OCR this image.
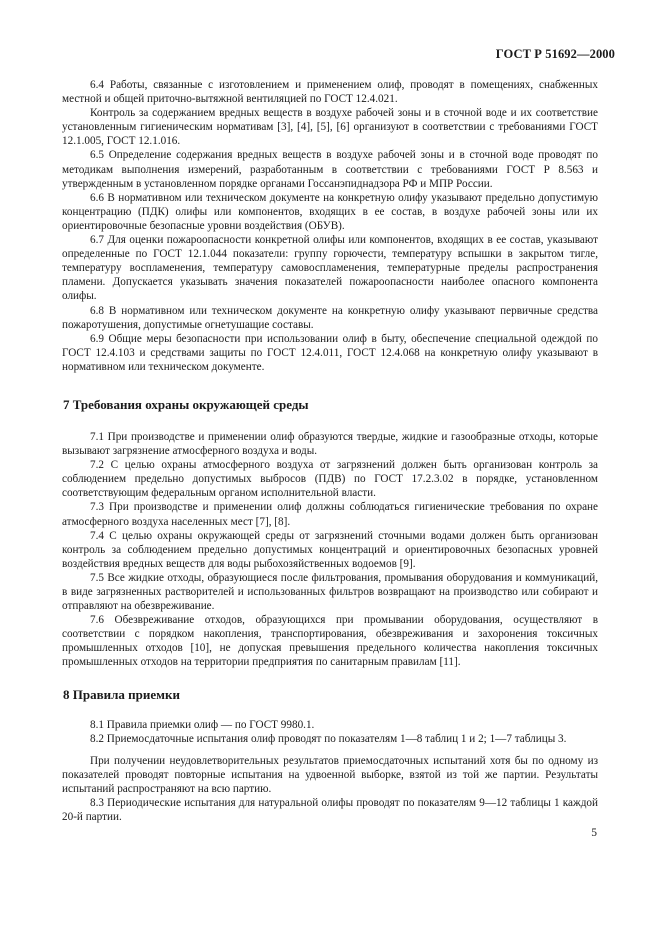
ГОСТ Р 51692—2000

6.4 Работы, связанные с изготовлением и применением олиф, проводят в помещениях, снабженных местной и общей приточно-вытяжной вентиляцией по ГОСТ 12.4.021.

Контроль за содержанием вредных веществ в воздухе рабочей зоны и в сточной воде и их соответствие установленным гигиеническим нормативам [3], [4], [5], [6] организуют в соответствии с требованиями ГОСТ 12.1.005, ГОСТ 12.1.016.

6.5 Определение содержания вредных веществ в воздухе рабочей зоны и в сточной воде проводят по методикам выполнения измерений, разработанным в соответствии с требованиями ГОСТ Р 8.563 и утвержденным в установленном порядке органами Госсанэпиднадзора РФ и МПР России.

6.6 В нормативном или техническом документе на конкретную олифу указывают предельно допустимую концентрацию (ПДК) олифы или компонентов, входящих в ее состав, в воздухе рабочей зоны или их ориентировочные безопасные уровни воздействия (ОБУВ).

6.7 Для оценки пожароопасности конкретной олифы или компонентов, входящих в ее состав, указывают определенные по ГОСТ 12.1.044 показатели: группу горючести, температуру вспышки в закрытом тигле, температуру воспламенения, температуру самовоспламенения, температурные пределы распространения пламени. Допускается указывать значения показателей пожароопасности наиболее опасного компонента олифы.

6.8 В нормативном или техническом документе на конкретную олифу указывают первичные средства пожаротушения, допустимые огнетушащие составы.

6.9 Общие меры безопасности при использовании олиф в быту, обеспечение специальной одеждой по ГОСТ 12.4.103 и средствами защиты по ГОСТ 12.4.011, ГОСТ 12.4.068 на конкретную олифу указывают в нормативном или техническом документе.

7 Требования охраны окружающей среды

7.1 При производстве и применении олиф образуются твердые, жидкие и газообразные отходы, которые вызывают загрязнение атмосферного воздуха и воды.

7.2 С целью охраны атмосферного воздуха от загрязнений должен быть организован контроль за соблюдением предельно допустимых выбросов (ПДВ) по ГОСТ 17.2.3.02 в порядке, установленном соответствующим федеральным органом исполнительной власти.

7.3 При производстве и применении олиф должны соблюдаться гигиенические требования по охране атмосферного воздуха населенных мест [7], [8].

7.4 С целью охраны окружающей среды от загрязнений сточными водами должен быть организован контроль за соблюдением предельно допустимых концентраций и ориентировочных безопасных уровней воздействия вредных веществ для воды рыбохозяйственных водоемов [9].

7.5 Все жидкие отходы, образующиеся после фильтрования, промывания оборудования и коммуникаций, в виде загрязненных растворителей и использованных фильтров возвращают на производство или собирают и отправляют на обезвреживание.

7.6 Обезвреживание отходов, образующихся при промывании оборудования, осуществляют в соответствии с порядком накопления, транспортирования, обезвреживания и захоронения токсичных промышленных отходов [10], не допуская превышения предельного количества накопления токсичных промышленных отходов на территории предприятия по санитарным правилам [11].

8 Правила приемки

8.1 Правила приемки олиф — по ГОСТ 9980.1.

8.2 Приемосдаточные испытания олиф проводят по показателям 1—8 таблиц 1 и 2; 1—7 таблицы 3.

При получении неудовлетворительных результатов приемосдаточных испытаний хотя бы по одному из показателей проводят повторные испытания на удвоенной выборке, взятой из той же партии. Результаты испытаний распространяют на всю партию.

8.3 Периодические испытания для натуральной олифы проводят по показателям 9—12 таблицы 1 каждой 20-й партии.

5
